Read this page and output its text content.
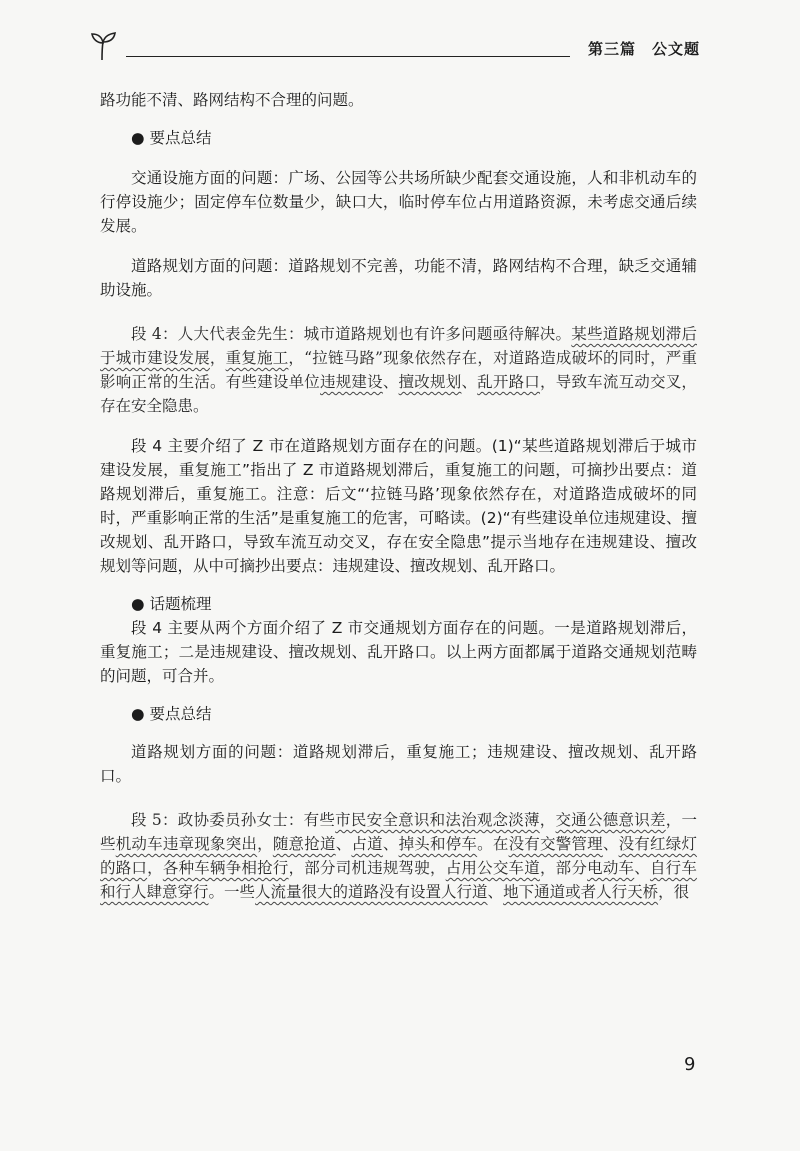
第三篇 公文题

路功能不清、路网结构不合理的问题。

● 要点总结

交通设施方面的问题：广场、公园等公共场所缺少配套交通设施，人和非机动车的行停设施少；固定停车位数量少，缺口大，临时停车位占用道路资源，未考虑交通后续发展。

道路规划方面的问题：道路规划不完善，功能不清，路网结构不合理，缺乏交通辅助设施。

段 4：人大代表金先生：城市道路规划也有许多问题亟待解决。某些道路规划滞后于城市建设发展，重复施工，“拉链马路”现象依然存在，对道路造成破坏的同时，严重影响正常的生活。有些建设单位违规建设、擅改规划、乱开路口，导致车流互动交叉，存在安全隐患。

段 4 主要介绍了 Z 市在道路规划方面存在的问题。(1)“某些道路规划滞后于城市建设发展，重复施工”指出了 Z 市道路规划滞后，重复施工的问题，可摘抄出要点：道路规划滞后，重复施工。注意：后文“‘拉链马路’现象依然存在，对道路造成破坏的同时，严重影响正常的生活”是重复施工的危害，可略读。(2)“有些建设单位违规建设、擅改规划、乱开路口，导致车流互动交叉，存在安全隐患”提示当地存在违规建设、擅改规划等问题，从中可摘抄出要点：违规建设、擅改规划、乱开路口。

● 话题梳理

段 4 主要从两个方面介绍了 Z 市交通规划方面存在的问题。一是道路规划滞后，重复施工；二是违规建设、擅改规划、乱开路口。以上两方面都属于道路交通规划范畴的问题，可合并。

● 要点总结

道路规划方面的问题：道路规划滞后，重复施工；违规建设、擅改规划、乱开路口。

段 5：政协委员孙女士：有些市民安全意识和法治观念淡薄，交通公德意识差，一些机动车违章现象突出，随意抢道、占道、掉头和停车。在没有交警管理、没有红绿灯的路口，各种车辆争相抢行，部分司机违规驾驶，占用公交车道，部分电动车、自行车和行人肆意穿行。一些人流量很大的道路没有设置人行道、地下通道或者人行天桥，很

9
